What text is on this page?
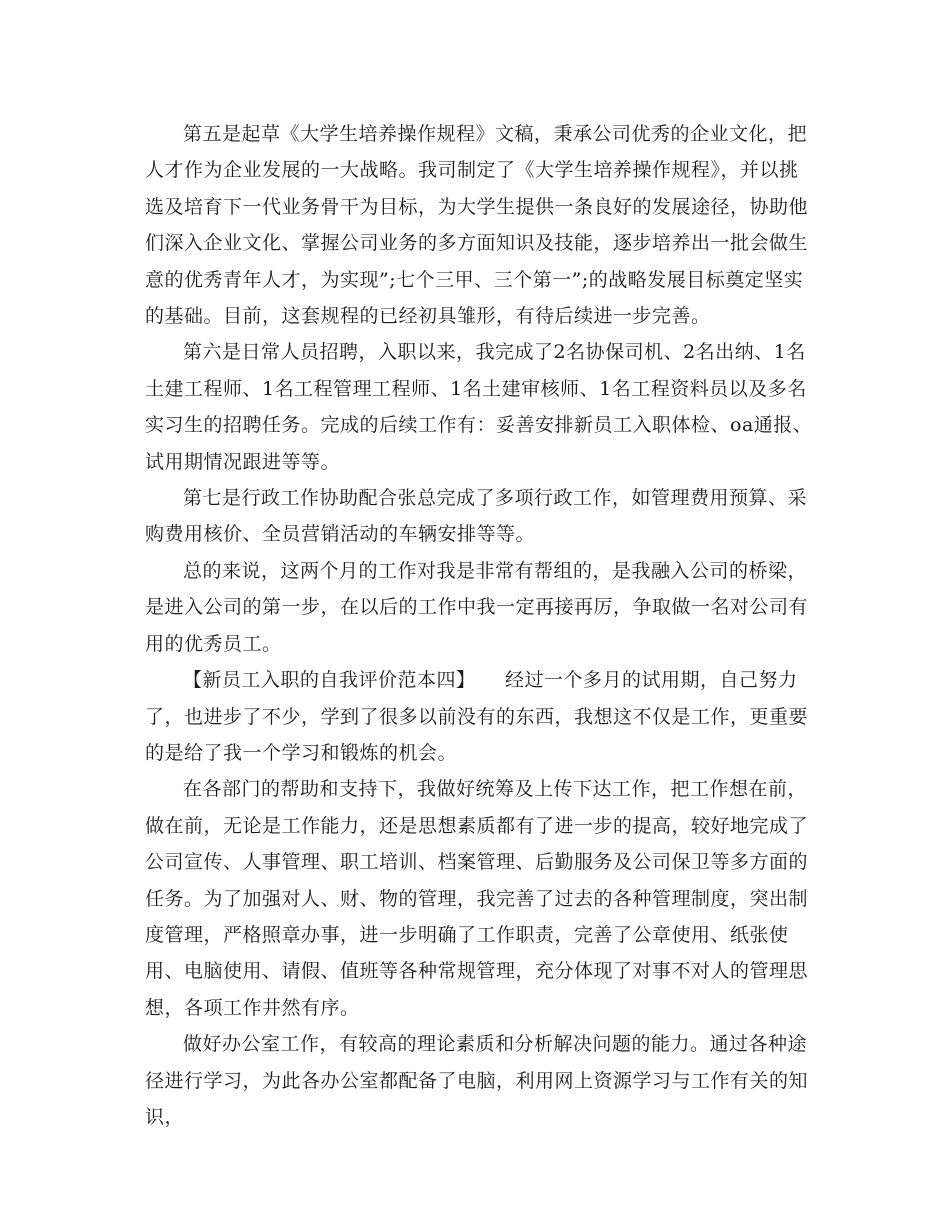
第五是起草《大学生培养操作规程》文稿，秉承公司优秀的企业文化，把人才作为企业发展的一大战略。我司制定了《大学生培养操作规程》，并以挑选及培育下一代业务骨干为目标，为大学生提供一条良好的发展途径，协助他们深入企业文化、掌握公司业务的多方面知识及技能，逐步培养出一批会做生意的优秀青年人才，为实现”;七个三甲、三个第一”;的战略发展目标奠定坚实的基础。目前，这套规程的已经初具雏形，有待后续进一步完善。

第六是日常人员招聘，入职以来，我完成了2名协保司机、2名出纳、1名土建工程师、1名工程管理工程师、1名土建审核师、1名工程资料员以及多名实习生的招聘任务。完成的后续工作有：妥善安排新员工入职体检、oa通报、试用期情况跟进等等。

第七是行政工作协助配合张总完成了多项行政工作，如管理费用预算、采购费用核价、全员营销活动的车辆安排等等。

总的来说，这两个月的工作对我是非常有帮组的，是我融入公司的桥梁，是进入公司的第一步，在以后的工作中我一定再接再厉，争取做一名对公司有用的优秀员工。

【新员工入职的自我评价范本四】　　经过一个多月的试用期，自己努力了，也进步了不少，学到了很多以前没有的东西，我想这不仅是工作，更重要的是给了我一个学习和锻炼的机会。

在各部门的帮助和支持下，我做好统筹及上传下达工作，把工作想在前，做在前，无论是工作能力，还是思想素质都有了进一步的提高，较好地完成了公司宣传、人事管理、职工培训、档案管理、后勤服务及公司保卫等多方面的任务。为了加强对人、财、物的管理，我完善了过去的各种管理制度，突出制度管理，严格照章办事，进一步明确了工作职责，完善了公章使用、纸张使用、电脑使用、请假、值班等各种常规管理，充分体现了对事不对人的管理思想，各项工作井然有序。

做好办公室工作，有较高的理论素质和分析解决问题的能力。通过各种途径进行学习，为此各办公室都配备了电脑，利用网上资源学习与工作有关的知识，
